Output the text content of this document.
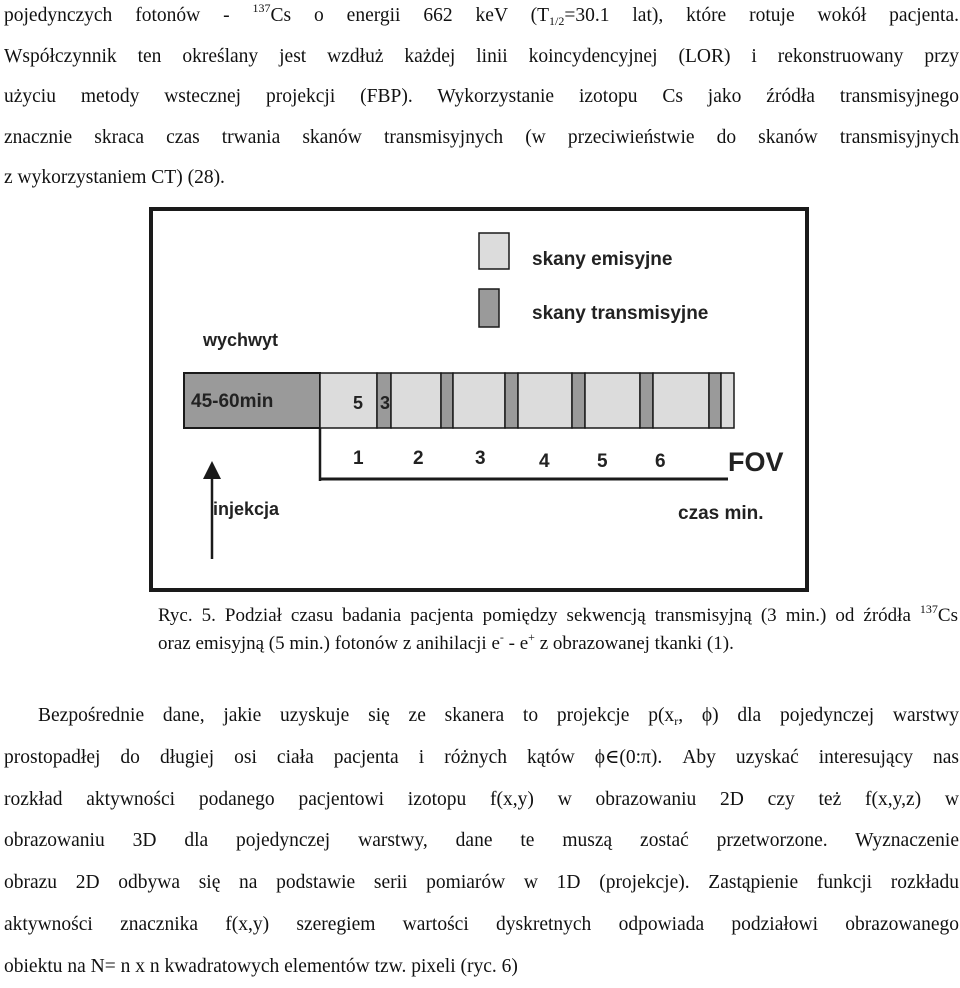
pojedynczych fotonów - $^{137}$Cs o energii 662 keV ($T_{1/2}=30.1$ lat), które rotuje wokół pacjenta.
Współczynnik ten określany jest wzdłuż każdej linii koincydencyjnej (LOR) i rekonstruowany przy
użyciu metody wstecznej projekcji (FBP). Wykorzystanie izotopu Cs jako źródła transmisyjnego
znacznie skraca czas trwania skanów transmisyjnych (w przeciwieństwie do skanów transmisyjnych
z wykorzystaniem CT) (28).
skany emisyjne
skany transmisyjne
wychwyt
45-60min	5 3
1	2	3	4 5 6 FOV
czas min.
injekcja
Ryc. 5. Podział czasu badania pacjenta pomiędzy sekwencją transmisyjną (3 min.) od źródła $^{137}$Cs
oraz emisyjną (5 min.) fotonów z anihilacji e- - e+ z obrazowanej tkanki (1).
Bezpośrednie dane, jakie uzyskuje się ze skanera to projekcje $p(x_r$, ϕ) dla pojedynczej warstwy
prostopadłej do długiej osi ciała pacjenta i różnych kątów ϕ∈(0:π). Aby uzyskać interesujący nas
rozkład aktywności podanego pacjentowi izotopu f(x,y) w obrazowaniu 2D czy też f(x,y,z) w
obrazowaniu 3D dla pojedynczej warstwy, dane te muszą zostać przetworzone. Wyznaczenie
obrazu 2D odbywa się na podstawie serii pomiarów w 1D (projekcje). Zastąpienie funkcji rozkładu
aktywności znacznika f(x,y) szeregiem wartości dyskretnych odpowiada podziałowi obrazowanego
obiektu na N= n x n kwadratowych elementów tzw. pixeli (ryc. 6)
